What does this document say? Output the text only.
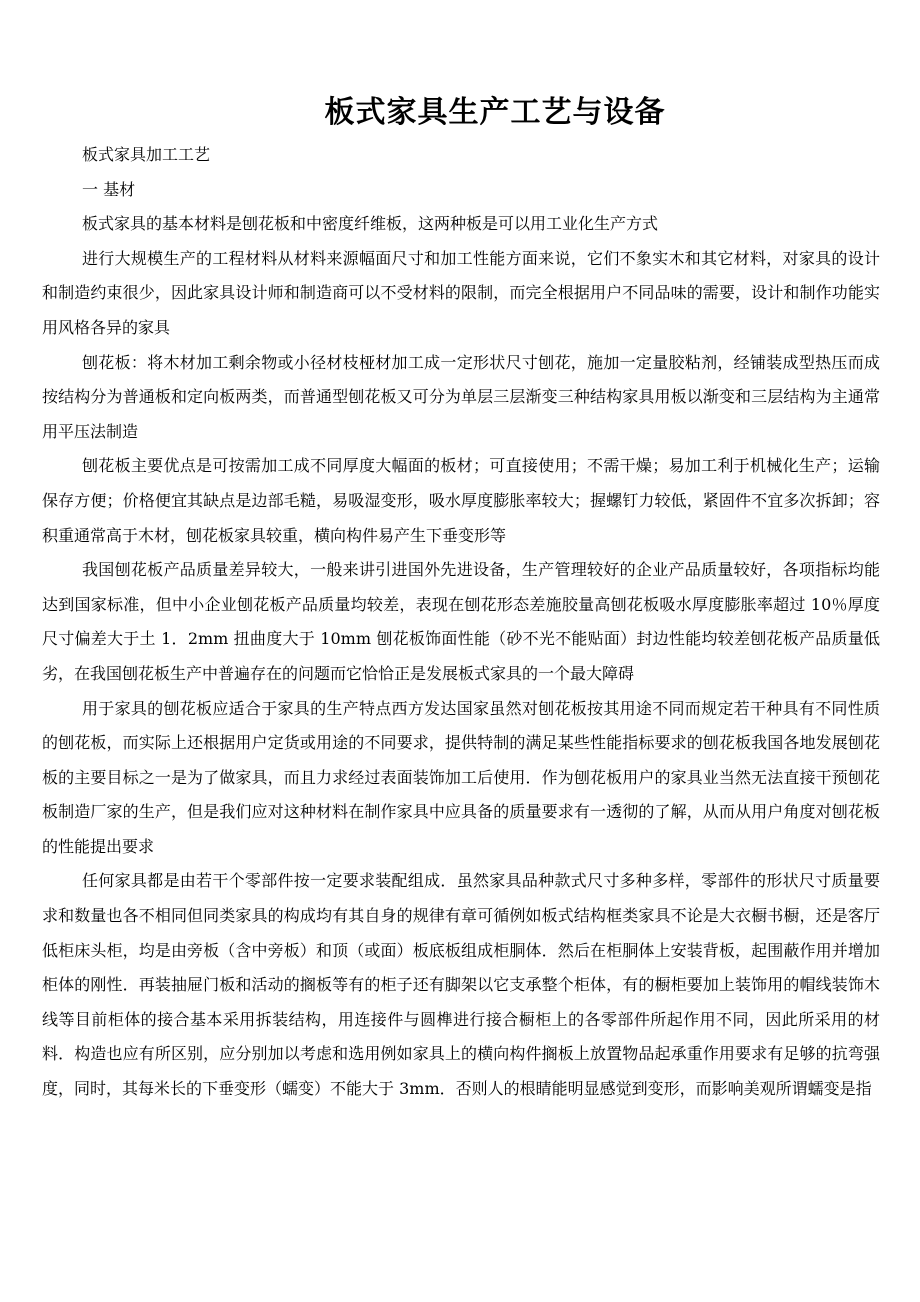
板式家具生产工艺与设备

板式家具加工工艺

一 基材

板式家具的基本材料是刨花板和中密度纤维板，这两种板是可以用工业化生产方式

进行大规模生产的工程材料从材料来源幅面尺寸和加工性能方面来说，它们不象实木和其它材料，对家具的设计和制造约束很少，因此家具设计师和制造商可以不受材料的限制，而完全根据用户不同品味的需要，设计和制作功能实用风格各异的家具

刨花板：将木材加工剩余物或小径材枝桠材加工成一定形状尺寸刨花，施加一定量胶粘剂，经铺装成型热压而成按结构分为普通板和定向板两类，而普通型刨花板又可分为单层三层渐变三种结构家具用板以渐变和三层结构为主通常用平压法制造

刨花板主要优点是可按需加工成不同厚度大幅面的板材；可直接使用；不需干燥；易加工利于机械化生产；运输保存方便；价格便宜其缺点是边部毛糙，易吸湿变形，吸水厚度膨胀率较大；握螺钉力较低，紧固件不宜多次拆卸；容积重通常高于木材，刨花板家具较重，横向构件易产生下垂变形等

我国刨花板产品质量差异较大，一般来讲引进国外先进设备，生产管理较好的企业产品质量较好，各项指标均能达到国家标准，但中小企业刨花板产品质量均较差，表现在刨花形态差施胶量高刨花板吸水厚度膨胀率超过 10％厚度尺寸偏差大于土 1．2mm 扭曲度大于 10mm 刨花板饰面性能（砂不光不能贴面）封边性能均较差刨花板产品质量低劣，在我国刨花板生产中普遍存在的问题而它恰恰正是发展板式家具的一个最大障碍

用于家具的刨花板应适合于家具的生产特点西方发达国家虽然对刨花板按其用途不同而规定若干种具有不同性质的刨花板，而实际上还根据用户定货或用途的不同要求，提供特制的满足某些性能指标要求的刨花板我国各地发展刨花板的主要目标之一是为了做家具，而且力求经过表面装饰加工后使用．作为刨花板用户的家具业当然无法直接干预刨花板制造厂家的生产，但是我们应对这种材料在制作家具中应具备的质量要求有一透彻的了解，从而从用户角度对刨花板的性能提出要求

任何家具都是由若干个零部件按一定要求装配组成．虽然家具品种款式尺寸多种多样，零部件的形状尺寸质量要求和数量也各不相同但同类家具的构成均有其自身的规律有章可循例如板式结构框类家具不论是大衣橱书橱，还是客厅低柜床头柜，均是由旁板（含中旁板）和顶（或面）板底板组成柜胴体．然后在柜胴体上安装背板，起围蔽作用并增加柜体的刚性．再装抽屉门板和活动的搁板等有的柜子还有脚架以它支承整个柜体，有的橱柜要加上装饰用的帽线装饰木线等目前柜体的接合基本采用拆装结构，用连接件与圆榫进行接合橱柜上的各零部件所起作用不同，因此所采用的材料．构造也应有所区别，应分别加以考虑和选用例如家具上的横向构件搁板上放置物品起承重作用要求有足够的抗弯强度，同时，其每米长的下垂变形（蠕变）不能大于 3mm．否则人的根睛能明显感觉到变形，而影响美观所谓蠕变是指
